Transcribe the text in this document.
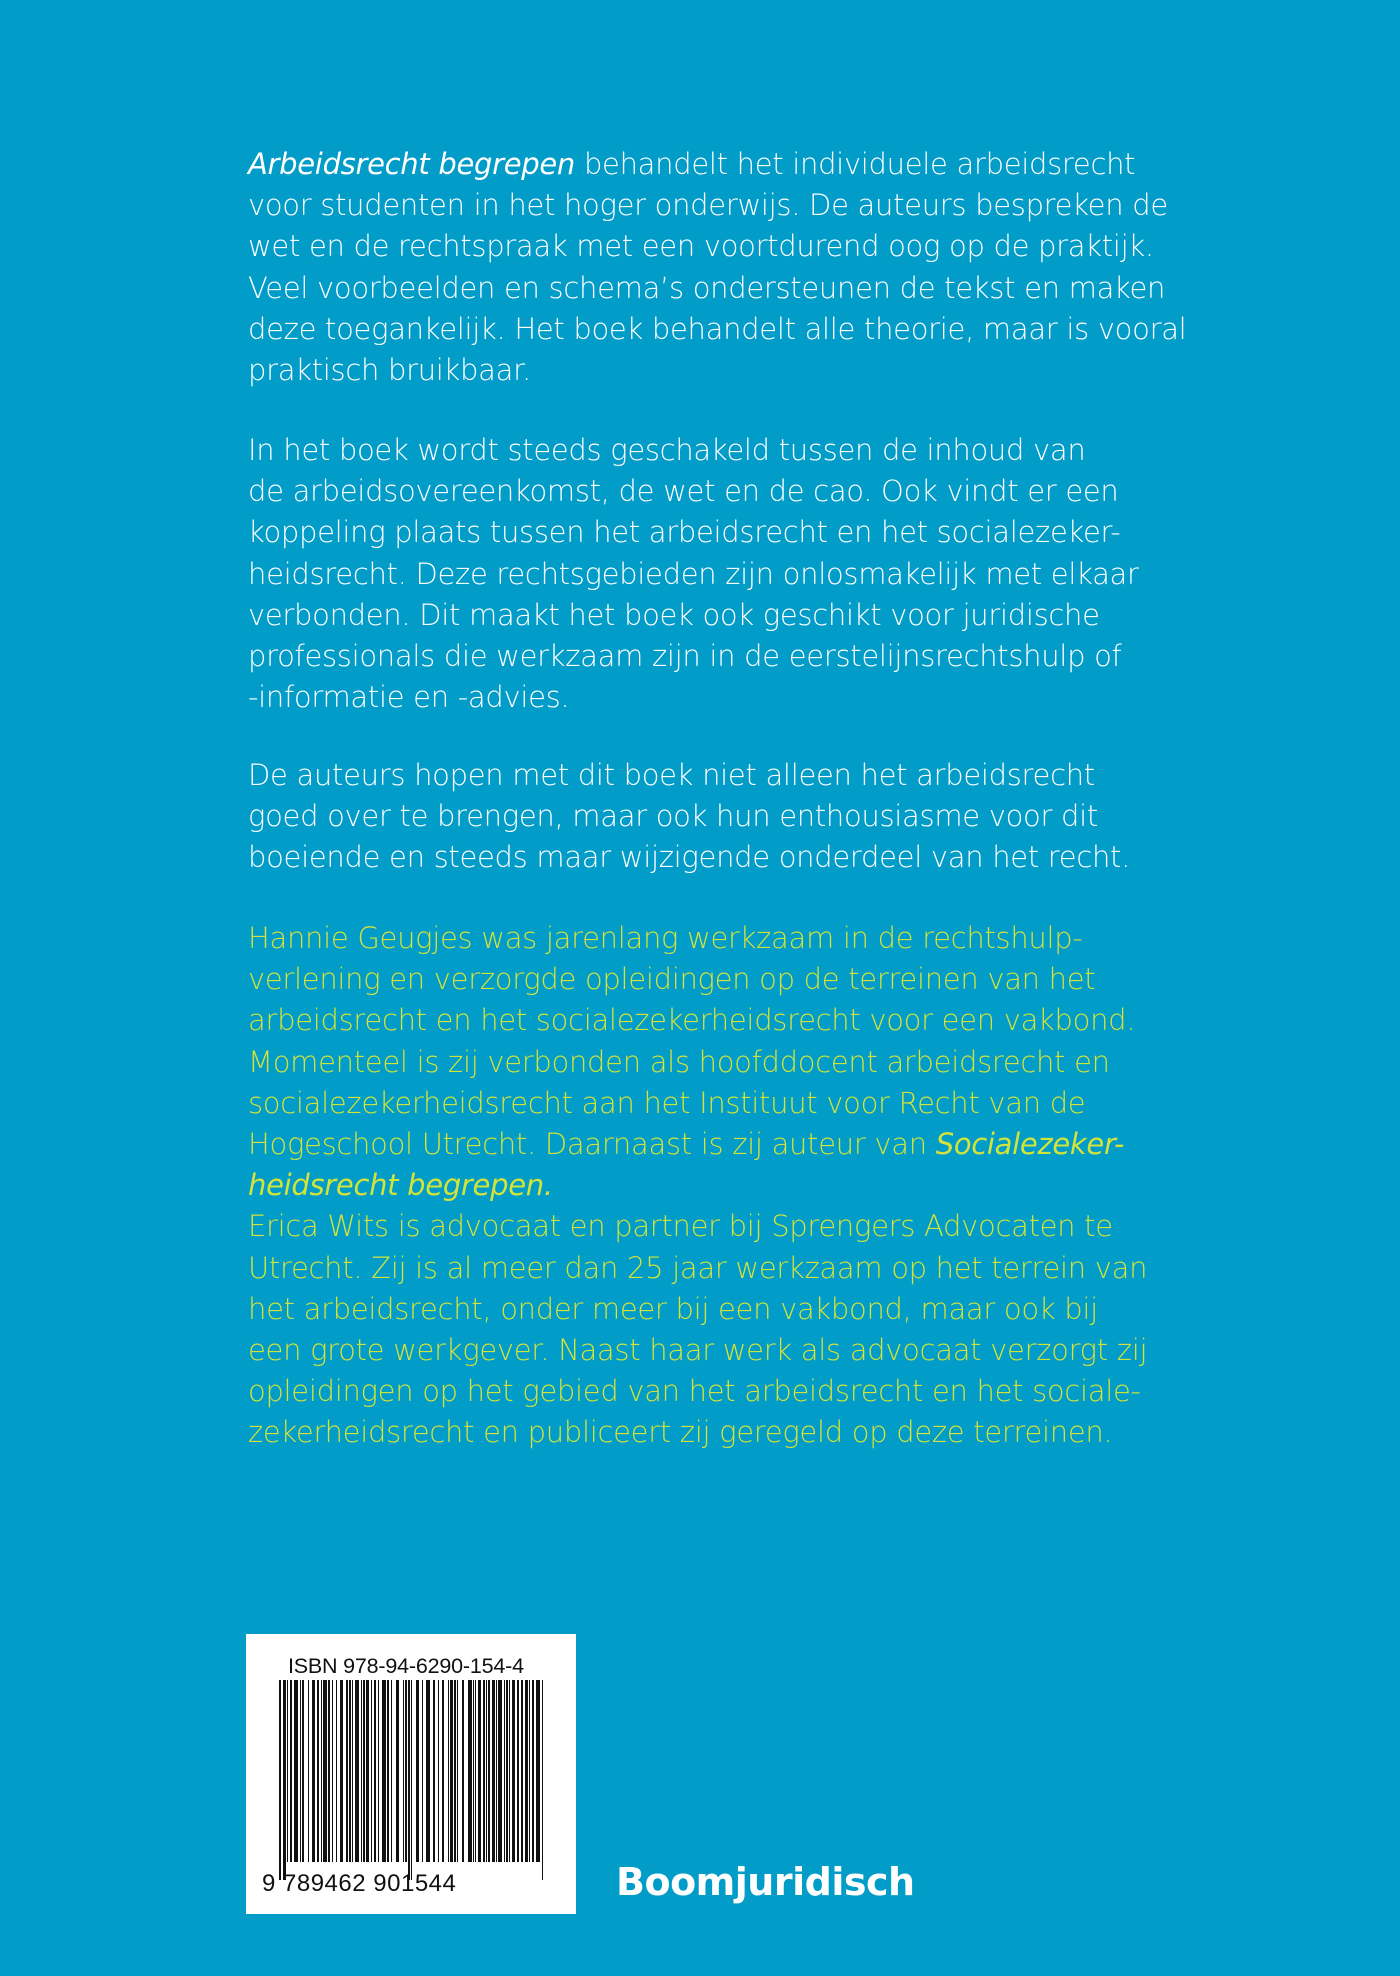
Arbeidsrecht begrepen behandelt het individuele arbeidsrecht
voor studenten in het hoger onderwijs. De auteurs bespreken de
wet en de rechtspraak met een voortdurend oog op de praktijk.
Veel voorbeelden en schema’s ondersteunen de tekst en maken
deze toegankelijk. Het boek behandelt alle theorie, maar is vooral
praktisch bruikbaar.
In het boek wordt steeds geschakeld tussen de inhoud van
de arbeidsovereenkomst, de wet en de cao. Ook vindt er een
koppeling plaats tussen het arbeidsrecht en het socialezeker-
heidsrecht. Deze rechtsgebieden zijn onlosmakelijk met elkaar
verbonden. Dit maakt het boek ook geschikt voor juridische
professionals die werkzaam zijn in de eerstelijnsrechtshulp of
-informatie en -advies.
De auteurs hopen met dit boek niet alleen het arbeidsrecht
goed over te brengen, maar ook hun enthousiasme voor dit
boeiende en steeds maar wijzigende onderdeel van het recht.
Hannie Geugjes was jarenlang werkzaam in de rechtshulp-
verlening en verzorgde opleidingen op de terreinen van het
arbeidsrecht en het socialezekerheidsrecht voor een vakbond.
Momenteel is zij verbonden als hoofddocent arbeidsrecht en
socialezekerheidsrecht aan het Instituut voor Recht van de
Hogeschool Utrecht. Daarnaast is zij auteur van Socialezeker-
heidsrecht begrepen.
Erica Wits is advocaat en partner bij Sprengers Advocaten te
Utrecht. Zij is al meer dan 25 jaar werkzaam op het terrein van
het arbeidsrecht, onder meer bij een vakbond, maar ook bij
een grote werkgever. Naast haar werk als advocaat verzorgt zij
opleidingen op het gebied van het arbeidsrecht en het sociale-
zekerheidsrecht en publiceert zij geregeld op deze terreinen.
ISBN 978-94-6290-154-4
9 789462 901544	Boomjuridisch
